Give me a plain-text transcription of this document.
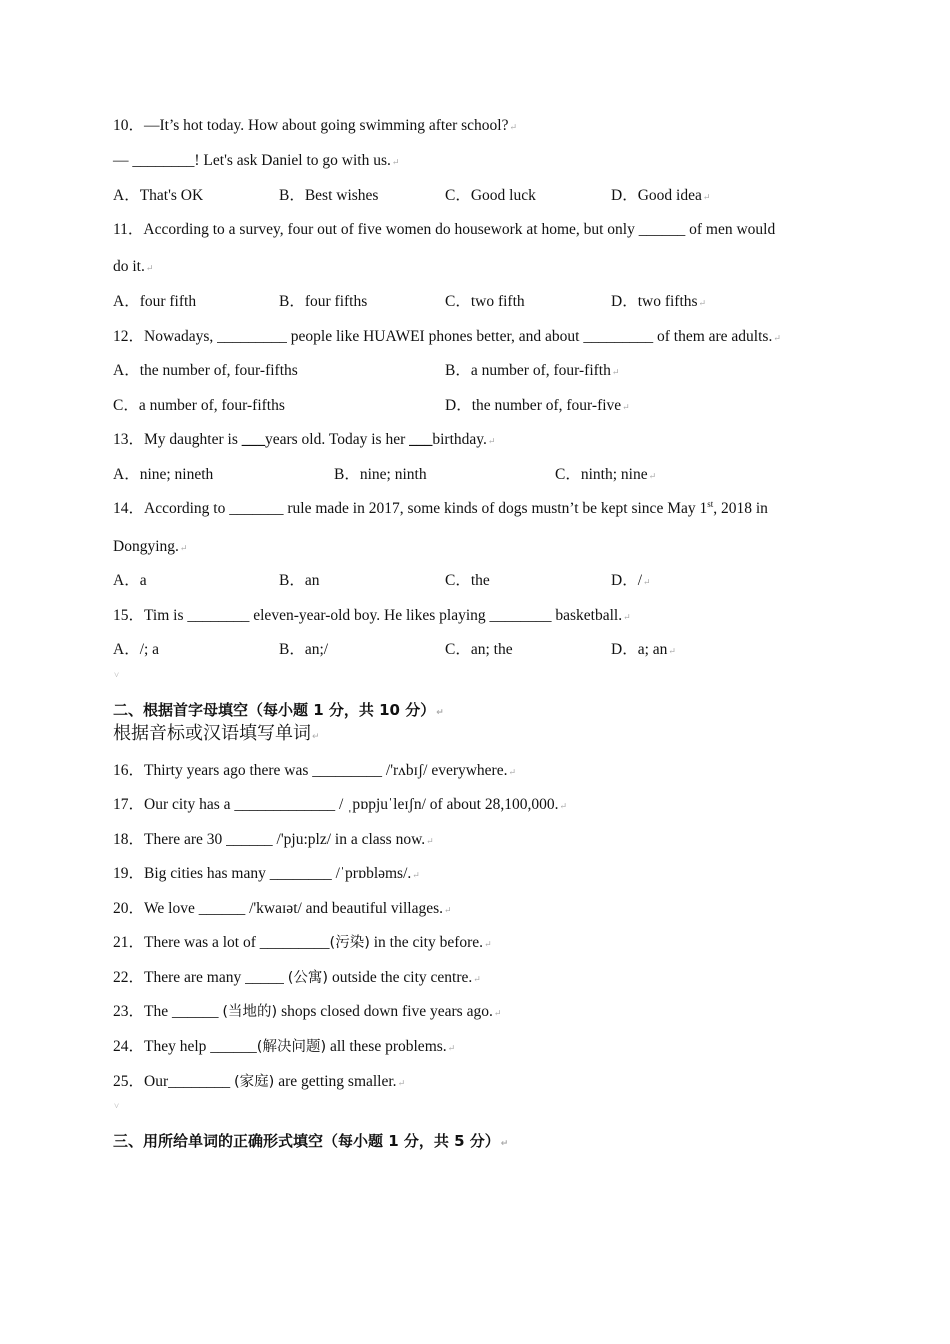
10．—It’s hot today. How about going swimming after school?↵
— ________! Let's ask Daniel to go with us.↵
A．That's OK	B．Best wishes	C．Good luck	D．Good idea↵
11．According to a survey, four out of five women do housework at home, but only ______ of men would
do it.↵
A．four fifth	B．four fifths	C．two fifth	D．two fifths↵
12．Nowadays, _________ people like HUAWEI phones better, and about _________ of them are adults.↵
A．the number of, four-fifths	B．a number of, four-fifth↵
C．a number of, four-fifths	D．the number of, four-five↵
13．My daughter is ___years old. Today is her ___birthday.↵
A．nine; nineth	B．nine; ninth	C．ninth; nine↵
14．According to _______ rule made in 2017, some kinds of dogs mustn’t be kept since May 1st, 2018 in
Dongying.↵
A．a	B．an	C．the	D．/↵
15．Tim is ________ eleven-year-old boy. He likes playing ________ basketball.↵
A．/; a	B．an;/	C．an; the	D．a; an↵
˅
二、根据首字母填空（每小题 1 分，共 10 分）↵
根据音标或汉语填写单词↵
16．Thirty years ago there was _________ /'rʌbɪʃ/ everywhere.↵
17．Our city has a _____________ / ˌpɒpjuˈleɪʃn/ of about 28,100,000.↵
18．There are 30 ______ /'pju:plz/ in a class now.↵
19．Big cities has many ________ /ˈprɒbləms/.↵
20．We love ______ /'kwaɪət/ and beautiful villages.↵
21．There was a lot of _________(污染) in the city before.↵
22．There are many _____ (公寓) outside the city centre.↵
23．The ______ (当地的) shops closed down five years ago.↵
24．They help ______(解决问题) all these problems.↵
25．Our________ (家庭) are getting smaller.↵
˅
三、用所给单词的正确形式填空（每小题 1 分，共 5 分）↵
